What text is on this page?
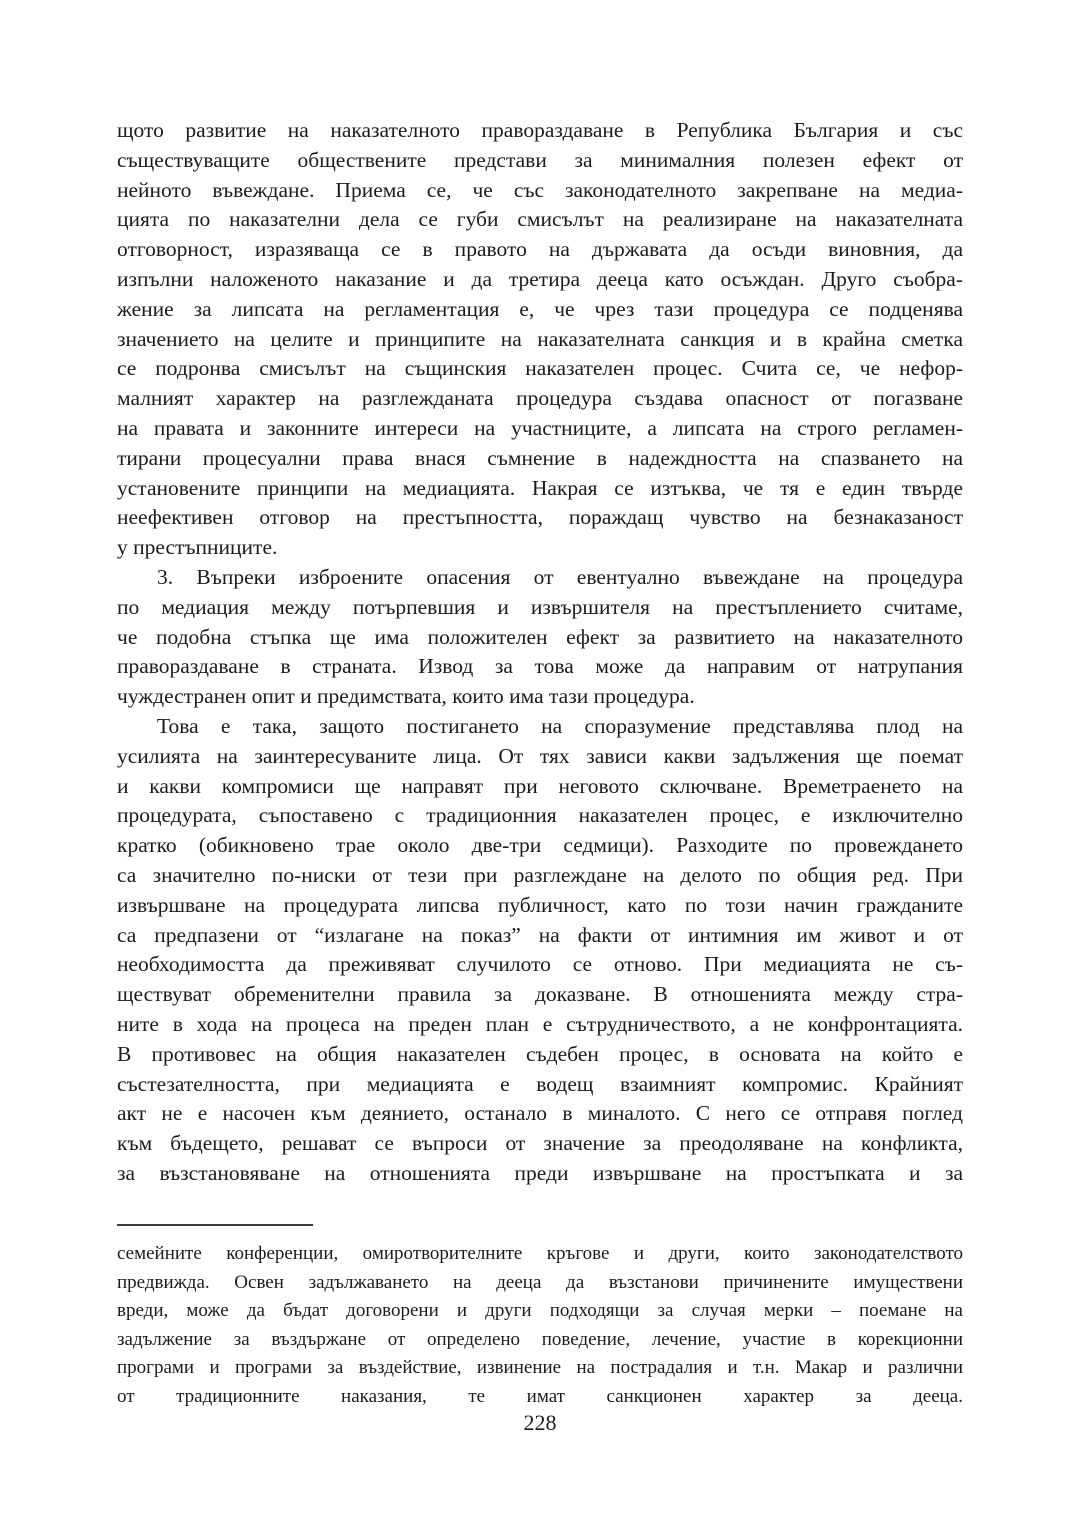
щото развитие на наказателното правораздаване в Република България и със
съществуващите обществените представи за минималния полезен ефект от
нейното въвеждане. Приема се, че със законодателното закрепване на медиа-
цията по наказателни дела се губи смисълът на реализиране на наказателната
отговорност, изразяваща се в правото на държавата да осъди виновния, да
изпълни наложеното наказание и да третира дееца като осъждан. Друго съобра-
жение за липсата на регламентация е, че чрез тази процедура се подценява
значението на целите и принципите на наказателната санкция и в крайна сметка
се подронва смисълът на същинския наказателен процес. Счита се, че нефор-
малният характер на разглежданата процедура създава опасност от погазване
на правата и законните интереси на участниците, а липсата на строго регламен-
тирани процесуални права внася съмнение в надеждността на спазването на
установените принципи на медиацията. Накрая се изтъква, че тя е един твърде
неефективен отговор на престъпността, пораждащ чувство на безнаказаност
у престъпниците.
3. Въпреки изброените опасения от евентуално въвеждане на процедура
по медиация между потърпевшия и извършителя на престъплението считаме,
че подобна стъпка ще има положителен ефект за развитието на наказателното
правораздаване в страната. Извод за това може да направим от натрупания
чуждестранен опит и предимствата, които има тази процедура.
Това е така, защото постигането на споразумение представлява плод на
усилията на заинтересуваните лица. От тях зависи какви задължения ще поемат
и какви компромиси ще направят при неговото сключване. Времетраенето на
процедурата, съпоставено с традиционния наказателен процес, е изключително
кратко (обикновено трае около две-три седмици). Разходите по провеждането
са значително по-ниски от тези при разглеждане на делото по общия ред. При
извършване на процедурата липсва публичност, като по този начин гражданите
са предпазени от “излагане на показ” на факти от интимния им живот и от
необходимостта да преживяват случилото се отново. При медиацията не съ-
ществуват обременителни правила за доказване. В отношенията между стра-
ните в хода на процеса на преден план е сътрудничеството, а не конфронтацията.
В противовес на общия наказателен съдебен процес, в основата на който е
състезателността, при медиацията е водещ взаимният компромис. Крайният
акт не е насочен към деянието, останало в миналото. С него се отправя поглед
към бъдещето, решават се въпроси от значение за преодоляване на конфликта,
за възстановяване на отношенията преди извършване на простъпката и за
семейните конференции, омиротворителните кръгове и други, които законодателството
предвижда. Освен задължаването на дееца да възстанови причинените имуществени
вреди, може да бъдат договорени и други подходящи за случая мерки – поемане на
задължение за въздържане от определено поведение, лечение, участие в корекционни
програми и програми за въздействие, извинение на пострадалия и т.н. Макар и различни
от традиционните наказания, те имат санкционен характер за дееца.
228
